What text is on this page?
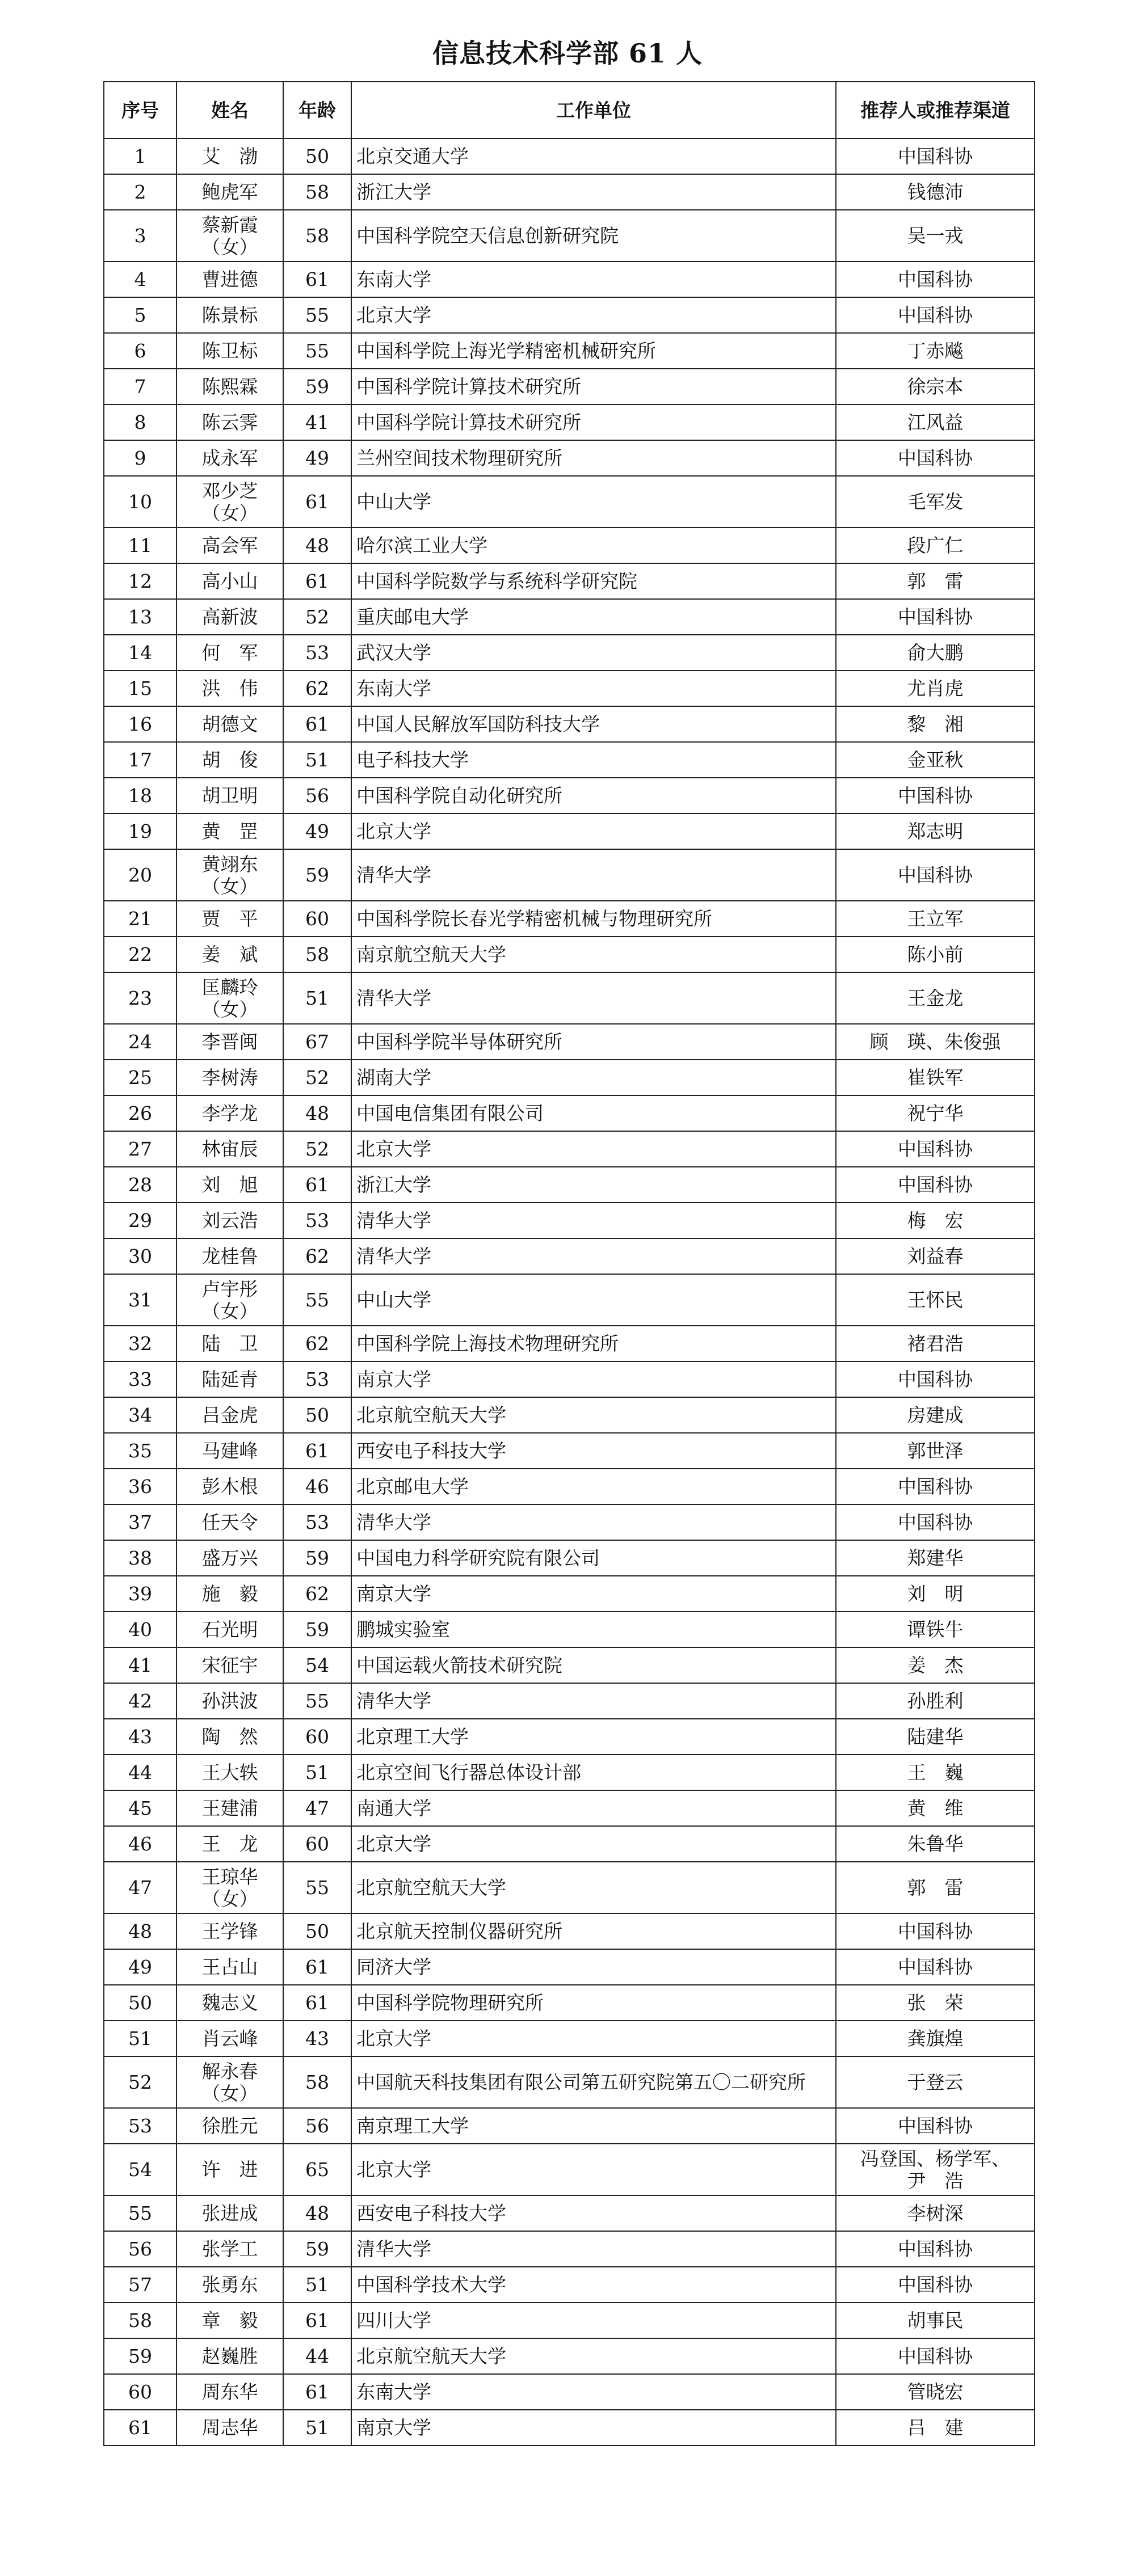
信息技术科学部 61 人
序号	姓名	年龄	工作单位	推荐人或推荐渠道
1	艾　渤	50	北京交通大学	中国科协
2	鲍虎军	58	浙江大学	钱德沛
3	蔡新霞
（女）	58	中国科学院空天信息创新研究院	吴一戎
4	曹进德	61	东南大学	中国科协
5	陈景标	55	北京大学	中国科协
6	陈卫标	55	中国科学院上海光学精密机械研究所	丁赤飚
7	陈熙霖	59	中国科学院计算技术研究所	徐宗本
8	陈云霁	41	中国科学院计算技术研究所	江风益
9	成永军	49	兰州空间技术物理研究所	中国科协
10	邓少芝
（女）	61	中山大学	毛军发
11	高会军	48	哈尔滨工业大学	段广仁
12	高小山	61	中国科学院数学与系统科学研究院	郭　雷
13	高新波	52	重庆邮电大学	中国科协
14	何　军	53	武汉大学	俞大鹏
15	洪　伟	62	东南大学	尤肖虎
16	胡德文	61	中国人民解放军国防科技大学	黎　湘
17	胡　俊	51	电子科技大学	金亚秋
18	胡卫明	56	中国科学院自动化研究所	中国科协
19	黄　罡	49	北京大学	郑志明
20	黄翊东
（女）	59	清华大学	中国科协
21	贾　平	60	中国科学院长春光学精密机械与物理研究所	王立军
22	姜　斌	58	南京航空航天大学	陈小前
23	匡麟玲
（女）	51	清华大学	王金龙
24	李晋闽	67	中国科学院半导体研究所	顾　瑛、朱俊强
25	李树涛	52	湖南大学	崔铁军
26	李学龙	48	中国电信集团有限公司	祝宁华
27	林宙辰	52	北京大学	中国科协
28	刘　旭	61	浙江大学	中国科协
29	刘云浩	53	清华大学	梅　宏
30	龙桂鲁	62	清华大学	刘益春
31	卢宇彤
（女）	55	中山大学	王怀民
32	陆　卫	62	中国科学院上海技术物理研究所	褚君浩
33	陆延青	53	南京大学	中国科协
34	吕金虎	50	北京航空航天大学	房建成
35	马建峰	61	西安电子科技大学	郭世泽
36	彭木根	46	北京邮电大学	中国科协
37	任天令	53	清华大学	中国科协
38	盛万兴	59	中国电力科学研究院有限公司	郑建华
39	施　毅	62	南京大学	刘　明
40	石光明	59	鹏城实验室	谭铁牛
41	宋征宇	54	中国运载火箭技术研究院	姜　杰
42	孙洪波	55	清华大学	孙胜利
43	陶　然	60	北京理工大学	陆建华
44	王大轶	51	北京空间飞行器总体设计部	王　巍
45	王建浦	47	南通大学	黄　维
46	王　龙	60	北京大学	朱鲁华
47	王琼华
（女）	55	北京航空航天大学	郭　雷
48	王学锋	50	北京航天控制仪器研究所	中国科协
49	王占山	61	同济大学	中国科协
50	魏志义	61	中国科学院物理研究所	张　荣
51	肖云峰	43	北京大学	龚旗煌
52	解永春
（女）	58	中国航天科技集团有限公司第五研究院第五〇二研究所	于登云
53	徐胜元	56	南京理工大学	中国科协
54	许　进	65	北京大学	冯登国、杨学军、
尹　浩
55	张进成	48	西安电子科技大学	李树深
56	张学工	59	清华大学	中国科协
57	张勇东	51	中国科学技术大学	中国科协
58	章　毅	61	四川大学	胡事民
59	赵巍胜	44	北京航空航天大学	中国科协
60	周东华	61	东南大学	管晓宏
61	周志华	51	南京大学	吕　建
